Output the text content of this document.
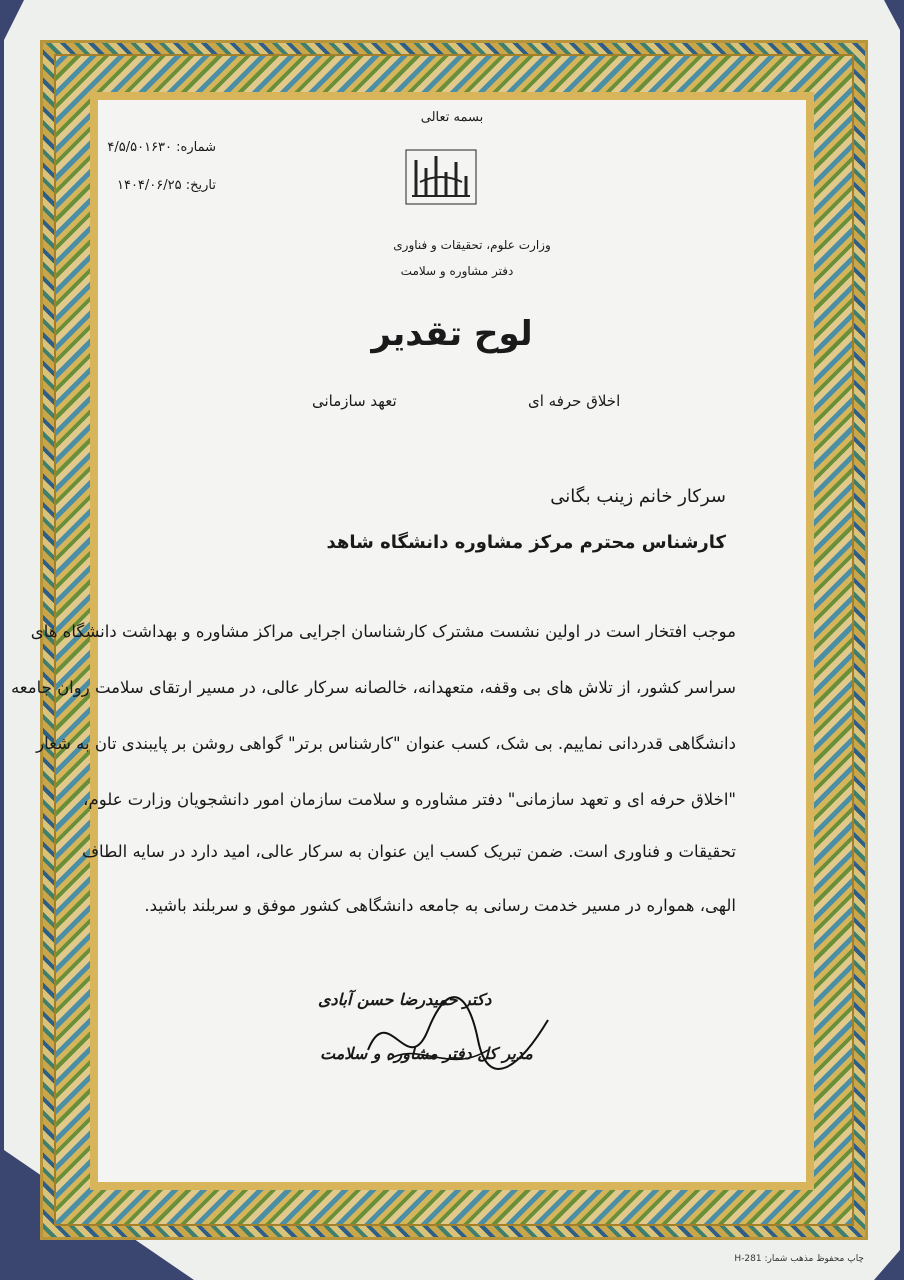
بسمه تعالی
شماره: ۴/۵/۵۰۱۶۳۰
تاریخ: ۱۴۰۴/۰۶/۲۵
وزارت علوم، تحقیقات و فناوری
دفتر مشاوره و سلامت
لوح تقدیر
اخلاق حرفه ای
تعهد سازمانی
سرکار خانم زینب بگانی
کارشناس محترم مرکز مشاوره دانشگاه شاهد
موجب افتخار است در اولین نشست مشترک کارشناسان اجرایی مراکز مشاوره و بهداشت دانشگاه های
سراسر کشور، از تلاش های بی وقفه، متعهدانه، خالصانه سرکار عالی، در مسیر ارتقای سلامت روان جامعه
دانشگاهی قدردانی نماییم. بی شک، کسب عنوان "کارشناس برتر" گواهی روشن بر پایبندی تان به شعار
"اخلاق حرفه ای و تعهد سازمانی" دفتر مشاوره و سلامت سازمان امور دانشجویان وزارت علوم،
تحقیقات و فناوری است. ضمن تبریک کسب این عنوان به سرکار عالی، امید دارد در سایه الطاف
الهی، همواره در مسیر خدمت رسانی به جامعه دانشگاهی کشور موفق و سربلند باشید.
دکتر حمیدرضا حسن آبادی
مدیر کل دفتر مشاوره و سلامت
چاپ محفوظ مذهب شمار: H-281
